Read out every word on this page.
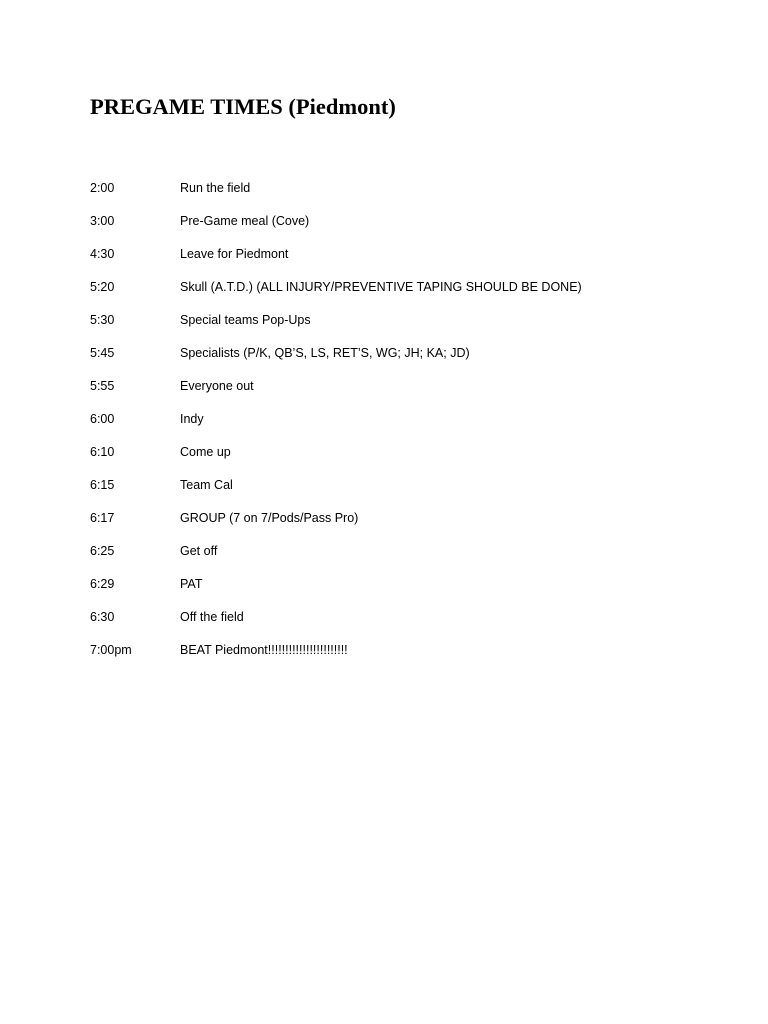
PREGAME TIMES (Piedmont)
2:00	Run the field
3:00	Pre-Game meal (Cove)
4:30	Leave for Piedmont
5:20	Skull (A.T.D.) (ALL INJURY/PREVENTIVE TAPING SHOULD BE DONE)
5:30	Special teams Pop-Ups
5:45	Specialists (P/K, QB’S, LS, RET’S, WG; JH; KA; JD)
5:55	Everyone out
6:00	Indy
6:10	Come up
6:15	Team Cal
6:17	GROUP (7 on 7/Pods/Pass Pro)
6:25	Get off
6:29	PAT
6:30	Off the field
7:00pm	BEAT Piedmont!!!!!!!!!!!!!!!!!!!!!!!
